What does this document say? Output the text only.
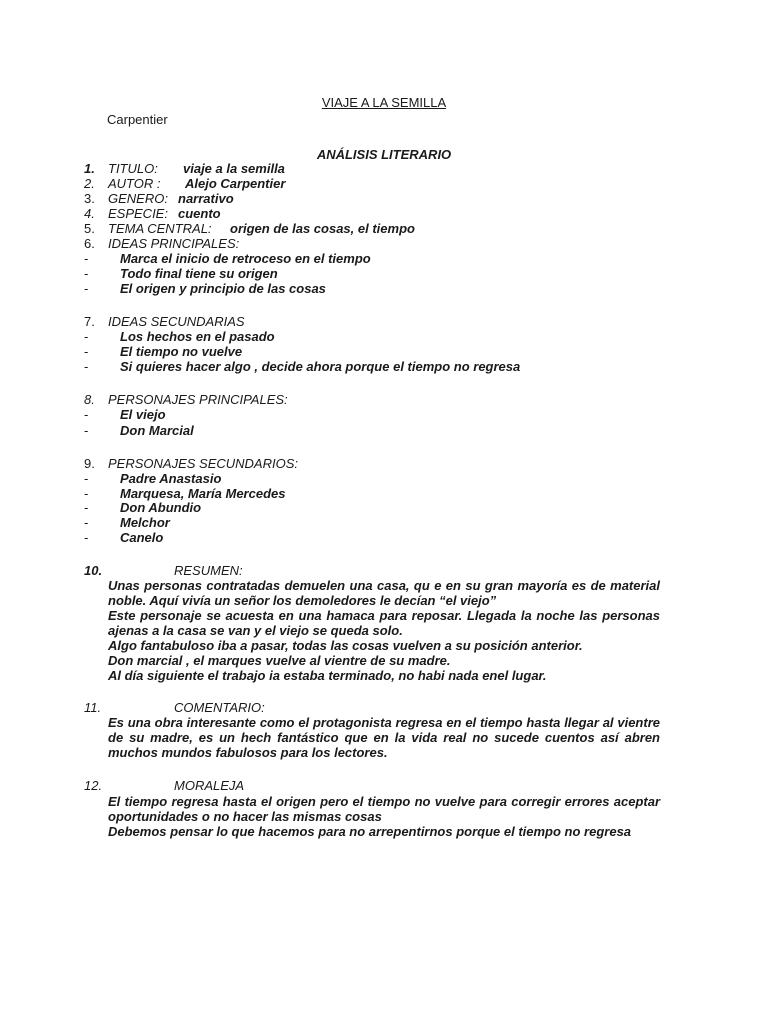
VIAJE A LA SEMILLA
Carpentier
ANÁLISIS LITERARIO
1. TITULO: viaje a la semilla
2. AUTOR : Alejo Carpentier
3. GENERO: narrativo
4. ESPECIE: cuento
5. TEMA CENTRAL: origen de las cosas, el tiempo
6. IDEAS PRINCIPALES:
- Marca el inicio de retroceso en el tiempo
- Todo final tiene su origen
- El origen y principio de las cosas
7. IDEAS SECUNDARIAS
- Los hechos en el pasado
- El tiempo no vuelve
- Si quieres hacer algo , decide ahora porque el tiempo no regresa
8. PERSONAJES PRINCIPALES:
- El viejo
- Don Marcial
9. PERSONAJES SECUNDARIOS:
- Padre Anastasio
- Marquesa, María Mercedes
- Don Abundio
- Melchor
- Canelo
10.	RESUMEN:
Unas personas contratadas demuelen una casa, qu e en su gran mayoría es de material noble. Aquí vivía un señor los demoledores le decían “el viejo”
Este personaje se acuesta en una hamaca para reposar. Llegada la noche las personas ajenas a la casa se van y el viejo se queda solo.
Algo fantabuloso iba a pasar, todas las cosas vuelven a su posición anterior.
Don marcial , el marques vuelve al vientre de su madre.
Al día siguiente el trabajo ia estaba terminado, no habi nada enel lugar.
11.	COMENTARIO:
Es una obra interesante como el protagonista regresa en el tiempo hasta llegar al vientre de su madre, es un hech fantástico que en la vida real no sucede cuentos así abren muchos mundos fabulosos para los lectores.
12.	MORALEJA
El tiempo regresa hasta el origen pero el tiempo no vuelve para corregir errores aceptar oportunidades o no hacer las mismas cosas
Debemos pensar lo que hacemos para no arrepentirnos porque el tiempo no regresa
